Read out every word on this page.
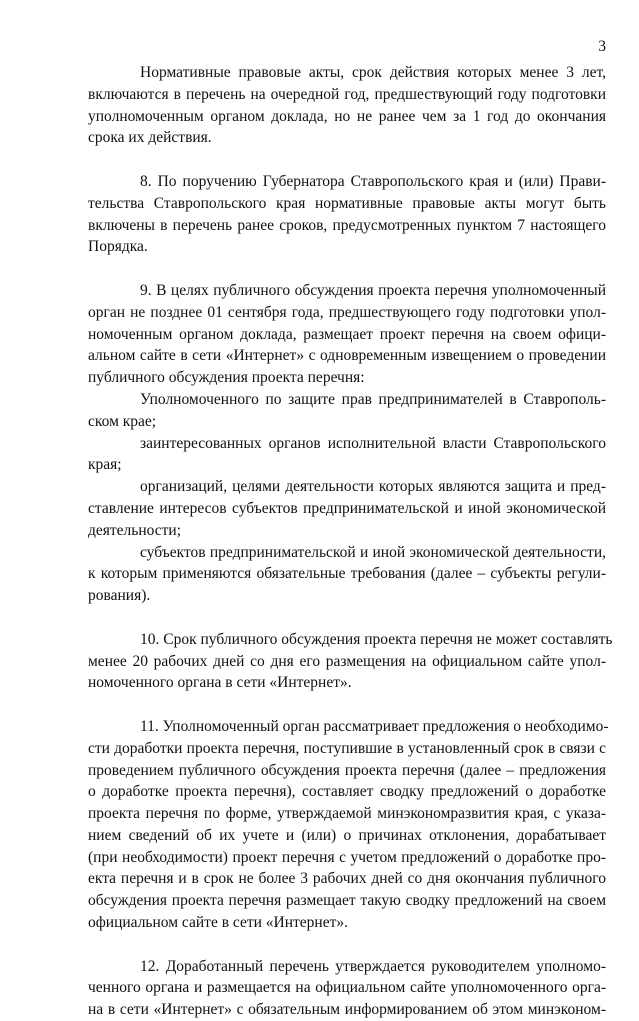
3
Нормативные правовые акты, срок действия которых менее 3 лет,
включаются в перечень на очередной год, предшествующий году подготовки
уполномоченным органом доклада, но не ранее чем за 1 год до окончания
срока их действия.
8. По поручению Губернатора Ставропольского края и (или) Прави-
тельства Ставропольского края нормативные правовые акты могут быть
включены в перечень ранее сроков, предусмотренных пунктом 7 настоящего
Порядка.
9. В целях публичного обсуждения проекта перечня уполномоченный
орган не позднее 01 сентября года, предшествующего году подготовки упол-
номоченным органом доклада, размещает проект перечня на своем офици-
альном сайте в сети «Интернет» с одновременным извещением о проведении
публичного обсуждения проекта перечня:
Уполномоченного по защите прав предпринимателей в Ставрополь-
ском крае;
заинтересованных органов исполнительной власти Ставропольского
края;
организаций, целями деятельности которых являются защита и пред-
ставление интересов субъектов предпринимательской и иной экономической
деятельности;
субъектов предпринимательской и иной экономической деятельности,
к которым применяются обязательные требования (далее – субъекты регули-
рования).
10. Срок публичного обсуждения проекта перечня не может составлять
менее 20 рабочих дней со дня его размещения на официальном сайте упол-
номоченного органа в сети «Интернет».
11. Уполномоченный орган рассматривает предложения о необходимо-
сти доработки проекта перечня, поступившие в установленный срок в связи с
проведением публичного обсуждения проекта перечня (далее – предложения
о доработке проекта перечня), составляет сводку предложений о доработке
проекта перечня по форме, утверждаемой минэкономразвития края, с указа-
нием сведений об их учете и (или) о причинах отклонения, дорабатывает
(при необходимости) проект перечня с учетом предложений о доработке про-
екта перечня и в срок не более 3 рабочих дней со дня окончания публичного
обсуждения проекта перечня размещает такую сводку предложений на своем
официальном сайте в сети «Интернет».
12. Доработанный перечень утверждается руководителем уполномо-
ченного органа и размещается на официальном сайте уполномоченного орга-
на в сети «Интернет» с обязательным информированием об этом минэконом-
